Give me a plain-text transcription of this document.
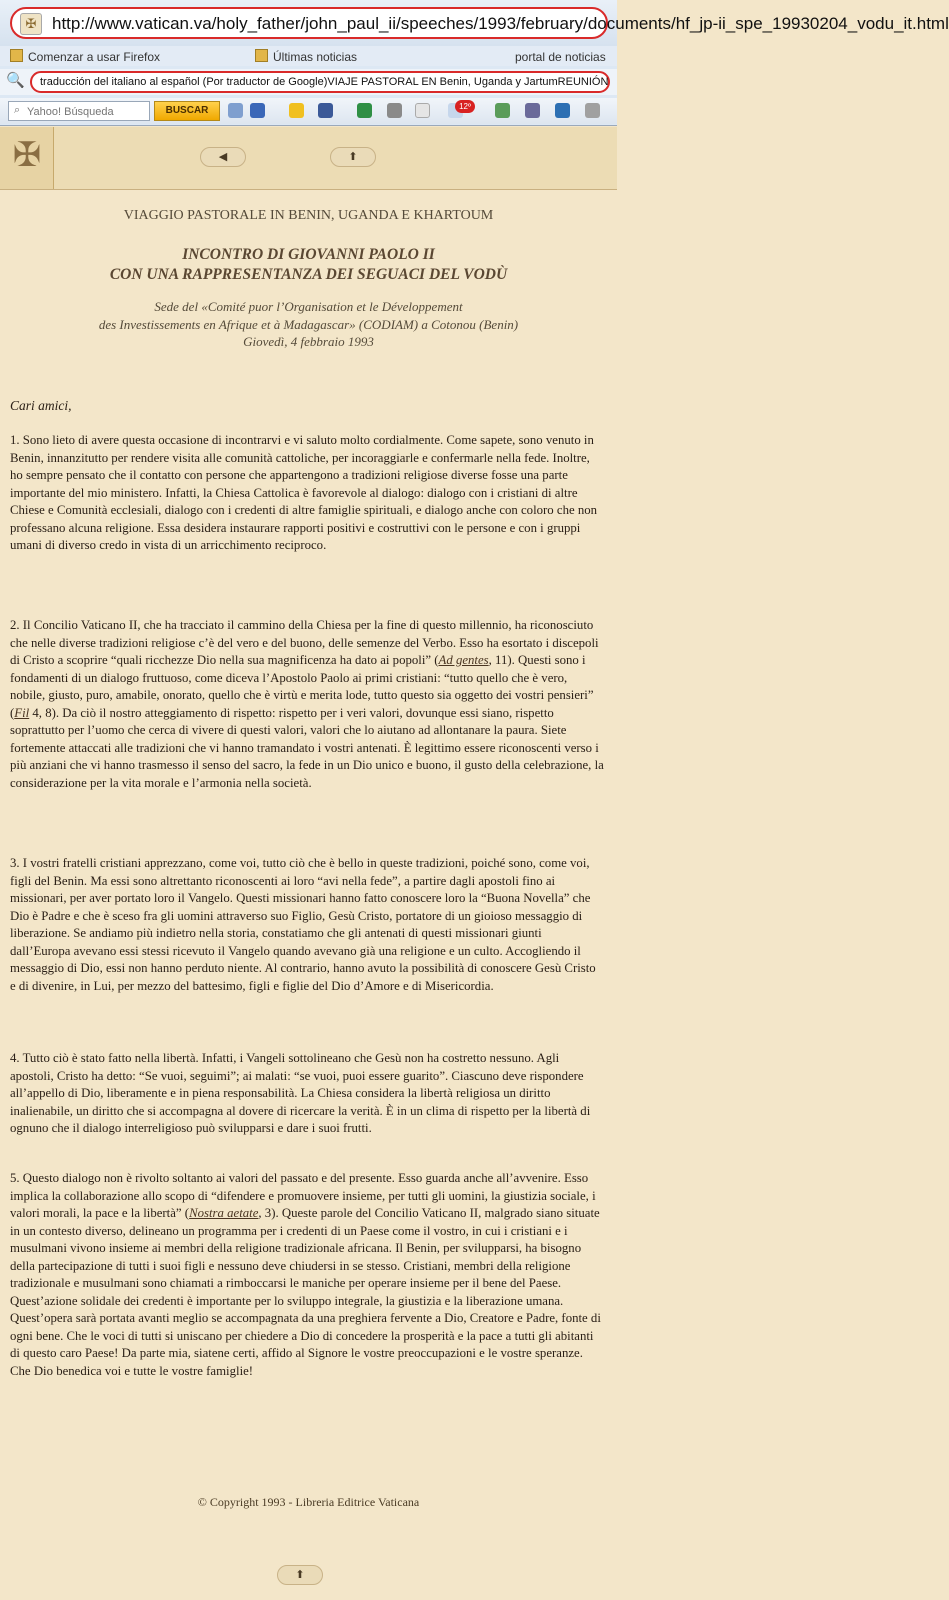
✠ http://www.vatican.va/holy_father/john_paul_ii/speeches/1993/february/documents/hf_jp-ii_spe_19930204_vodu_it.html
Comenzar a usar Firefox	Últimas noticias	portal de noticias
🔍 traducción del italiano al español (Por traductor de Google)VIAJE PASTORAL EN Benin, Uganda y JartumREUNIÓN
⌕
Yahoo! Búsqueda	BUSCAR	12º
✠	◀	⬆
VIAGGIO PASTORALE IN BENIN, UGANDA E KHARTOUM
INCONTRO DI GIOVANNI PAOLO II
CON UNA RAPPRESENTANZA DEI SEGUACI DEL VODÙ
Sede del «Comité puor l’Organisation et le Développement
des Investissements en Afrique et à Madagascar» (CODIAM) a Cotonou (Benin)
Giovedì, 4 febbraio 1993
Cari amici,
1. Sono lieto di avere questa occasione di incontrarvi e vi saluto molto cordialmente. Come sapete, sono venuto in Benin, innanzitutto per rendere visita alle comunità cattoliche, per incoraggiarle e confermarle nella fede. Inoltre, ho sempre pensato che il contatto con persone che appartengono a tradizioni religiose diverse fosse una parte importante del mio ministero. Infatti, la Chiesa Cattolica è favorevole al dialogo: dialogo con i cristiani di altre Chiese e Comunità ecclesiali, dialogo con i credenti di altre famiglie spirituali, e dialogo anche con coloro che non professano alcuna religione. Essa desidera instaurare rapporti positivi e costruttivi con le persone e con i gruppi umani di diverso credo in vista di un arricchimento reciproco.
2. Il Concilio Vaticano II, che ha tracciato il cammino della Chiesa per la fine di questo millennio, ha riconosciuto che nelle diverse tradizioni religiose c’è del vero e del buono, delle semenze del Verbo. Esso ha esortato i discepoli di Cristo a scoprire “quali ricchezze Dio nella sua magnificenza ha dato ai popoli” (Ad gentes, 11). Questi sono i fondamenti di un dialogo fruttuoso, come diceva l’Apostolo Paolo ai primi cristiani: “tutto quello che è vero, nobile, giusto, puro, amabile, onorato, quello che è virtù e merita lode, tutto questo sia oggetto dei vostri pensieri” (Fil 4, 8). Da ciò il nostro atteggiamento di rispetto: rispetto per i veri valori, dovunque essi siano, rispetto soprattutto per l’uomo che cerca di vivere di questi valori, valori che lo aiutano ad allontanare la paura. Siete fortemente attaccati alle tradizioni che vi hanno tramandato i vostri antenati. È legittimo essere riconoscenti verso i più anziani che vi hanno trasmesso il senso del sacro, la fede in un Dio unico e buono, il gusto della celebrazione, la considerazione per la vita morale e l’armonia nella società.
3. I vostri fratelli cristiani apprezzano, come voi, tutto ciò che è bello in queste tradizioni, poiché sono, come voi, figli del Benin. Ma essi sono altrettanto riconoscenti ai loro “avi nella fede”, a partire dagli apostoli fino ai missionari, per aver portato loro il Vangelo. Questi missionari hanno fatto conoscere loro la “Buona Novella” che Dio è Padre e che è sceso fra gli uomini attraverso suo Figlio, Gesù Cristo, portatore di un gioioso messaggio di liberazione. Se andiamo più indietro nella storia, constatiamo che gli antenati di questi missionari giunti dall’Europa avevano essi stessi ricevuto il Vangelo quando avevano già una religione e un culto. Accogliendo il messaggio di Dio, essi non hanno perduto niente. Al contrario, hanno avuto la possibilità di conoscere Gesù Cristo e di divenire, in Lui, per mezzo del battesimo, figli e figlie del Dio d’Amore e di Misericordia.
4. Tutto ciò è stato fatto nella libertà. Infatti, i Vangeli sottolineano che Gesù non ha costretto nessuno. Agli apostoli, Cristo ha detto: “Se vuoi, seguimi”; ai malati: “se vuoi, puoi essere guarito”. Ciascuno deve rispondere all’appello di Dio, liberamente e in piena responsabilità. La Chiesa considera la libertà religiosa un diritto inalienabile, un diritto che si accompagna al dovere di ricercare la verità. È in un clima di rispetto per la libertà di ognuno che il dialogo interreligioso può svilupparsi e dare i suoi frutti.
5. Questo dialogo non è rivolto soltanto ai valori del passato e del presente. Esso guarda anche all’avvenire. Esso implica la collaborazione allo scopo di “difendere e promuovere insieme, per tutti gli uomini, la giustizia sociale, i valori morali, la pace e la libertà” (Nostra aetate, 3). Queste parole del Concilio Vaticano II, malgrado siano situate in un contesto diverso, delineano un programma per i credenti di un Paese come il vostro, in cui i cristiani e i musulmani vivono insieme ai membri della religione tradizionale africana. Il Benin, per svilupparsi, ha bisogno della partecipazione di tutti i suoi figli e nessuno deve chiudersi in se stesso. Cristiani, membri della religione tradizionale e musulmani sono chiamati a rimboccarsi le maniche per operare insieme per il bene del Paese. Quest’azione solidale dei credenti è importante per lo sviluppo integrale, la giustizia e la liberazione umana.
Quest’opera sarà portata avanti meglio se accompagnata da una preghiera fervente a Dio, Creatore e Padre, fonte di ogni bene. Che le voci di tutti si uniscano per chiedere a Dio di concedere la prosperità e la pace a tutti gli abitanti di questo caro Paese! Da parte mia, siatene certi, affido al Signore le vostre preoccupazioni e le vostre speranze. Che Dio benedica voi e tutte le vostre famiglie!
© Copyright 1993 - Libreria Editrice Vaticana
⬆
